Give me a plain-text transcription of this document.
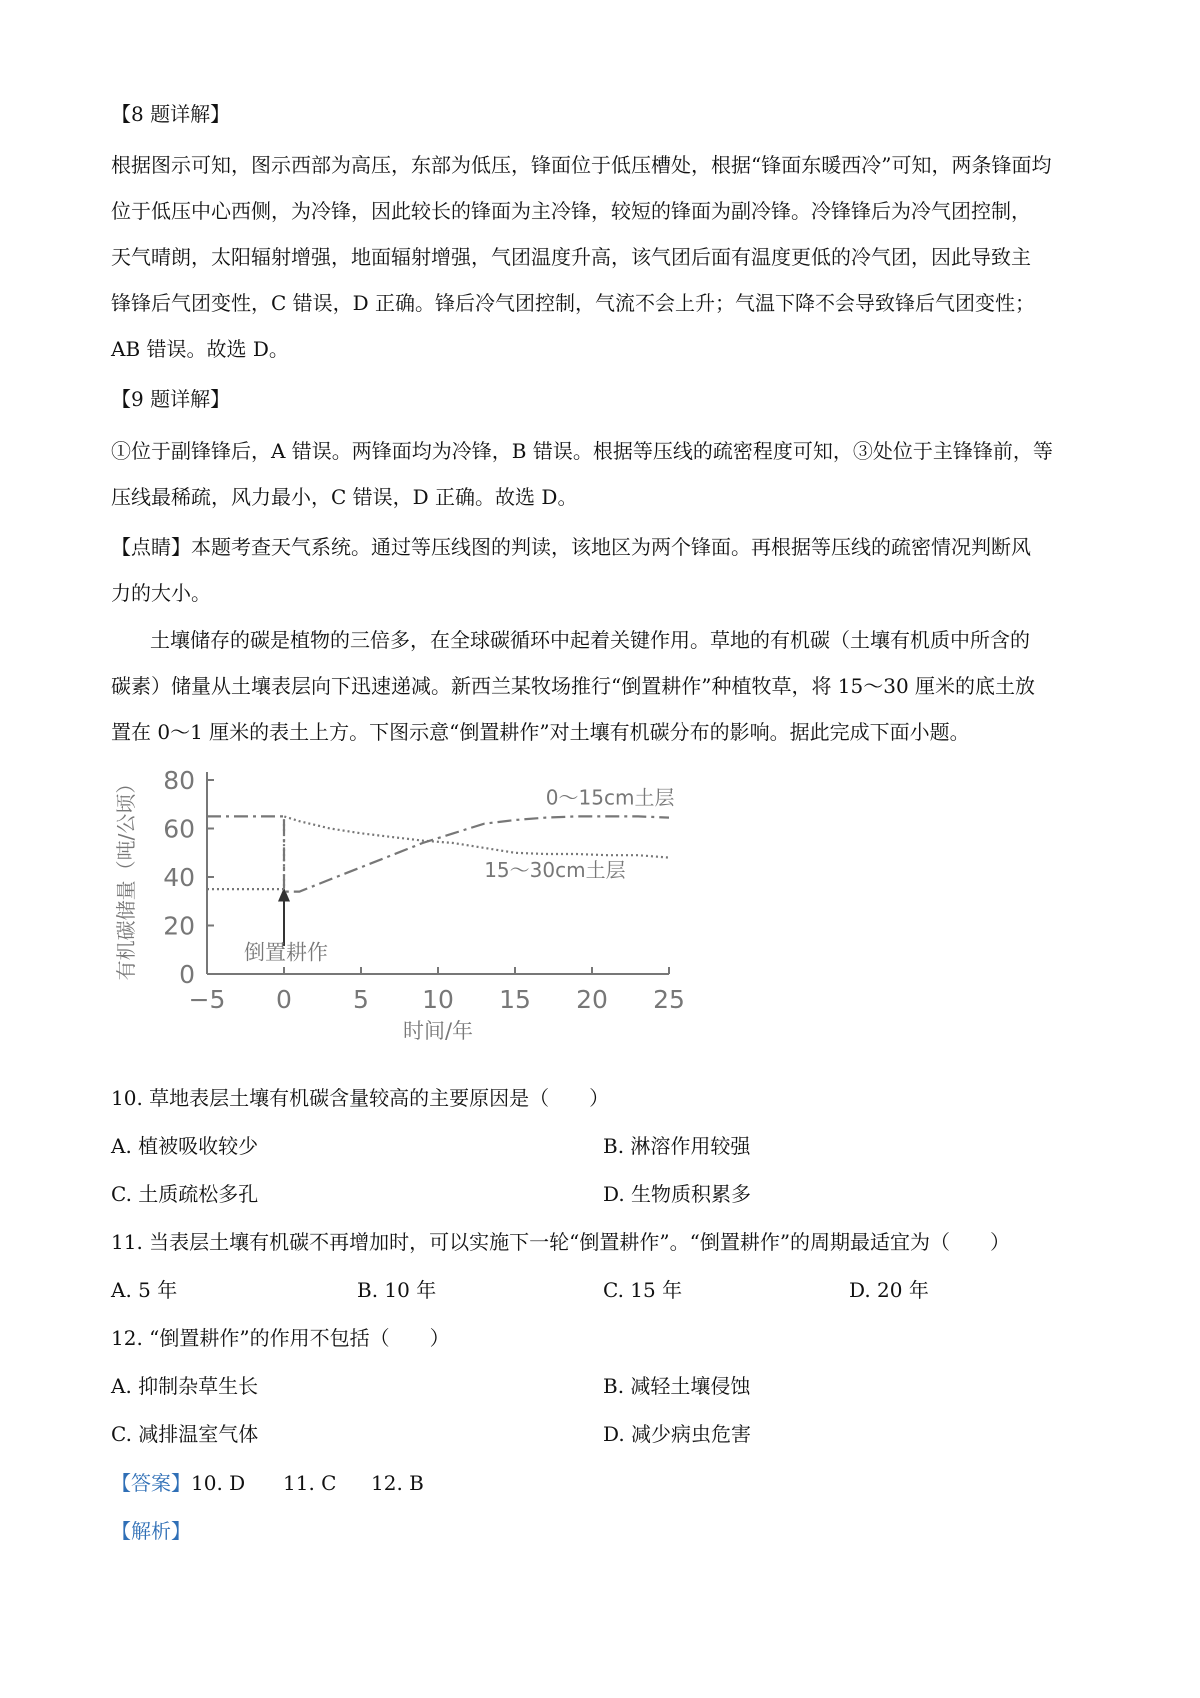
【8 题详解】
根据图示可知，图示西部为高压，东部为低压，锋面位于低压槽处，根据“锋面东暖西冷”可知，两条锋面均
位于低压中心西侧，为冷锋，因此较长的锋面为主冷锋，较短的锋面为副冷锋。冷锋锋后为冷气团控制，
天气晴朗，太阳辐射增强，地面辐射增强，气团温度升高，该气团后面有温度更低的冷气团，因此导致主
锋锋后气团变性，C 错误，D 正确。锋后冷气团控制，气流不会上升；气温下降不会导致锋后气团变性；
AB 错误。故选 D。
【9 题详解】
①位于副锋锋后，A 错误。两锋面均为冷锋，B 错误。根据等压线的疏密程度可知，③处位于主锋锋前，等
压线最稀疏，风力最小，C 错误，D 正确。故选 D。
【点睛】本题考查天气系统。通过等压线图的判读，该地区为两个锋面。再根据等压线的疏密情况判断风
力的大小。
土壤储存的碳是植物的三倍多，在全球碳循环中起着关键作用。草地的有机碳（土壤有机质中所含的
碳素）储量从土壤表层向下迅速递减。新西兰某牧场推行“倒置耕作”种植牧草，将 15～30 厘米的底土放
置在 0～1 厘米的表土上方。下图示意“倒置耕作”对土壤有机碳分布的影响。据此完成下面小题。
0
20
40
60
80
−5 0 5 10 15 20 25
有机碳储量（吨/公顷）
时间/年
0～15cm土层
15～30cm土层
倒置耕作
10. 草地表层土壤有机碳含量较高的主要原因是（　　）
A. 植被吸收较少	B. 淋溶作用较强
C. 土质疏松多孔	D. 生物质积累多
11. 当表层土壤有机碳不再增加时，可以实施下一轮“倒置耕作”。“倒置耕作”的周期最适宜为（　　）
A. 5 年	B. 10 年	C. 15 年	D. 20 年
12. “倒置耕作”的作用不包括（　　）
A. 抑制杂草生长	B. 减轻土壤侵蚀
C. 减排温室气体	D. 减少病虫危害
【答案】10. D 11. C 12. B
【解析】
